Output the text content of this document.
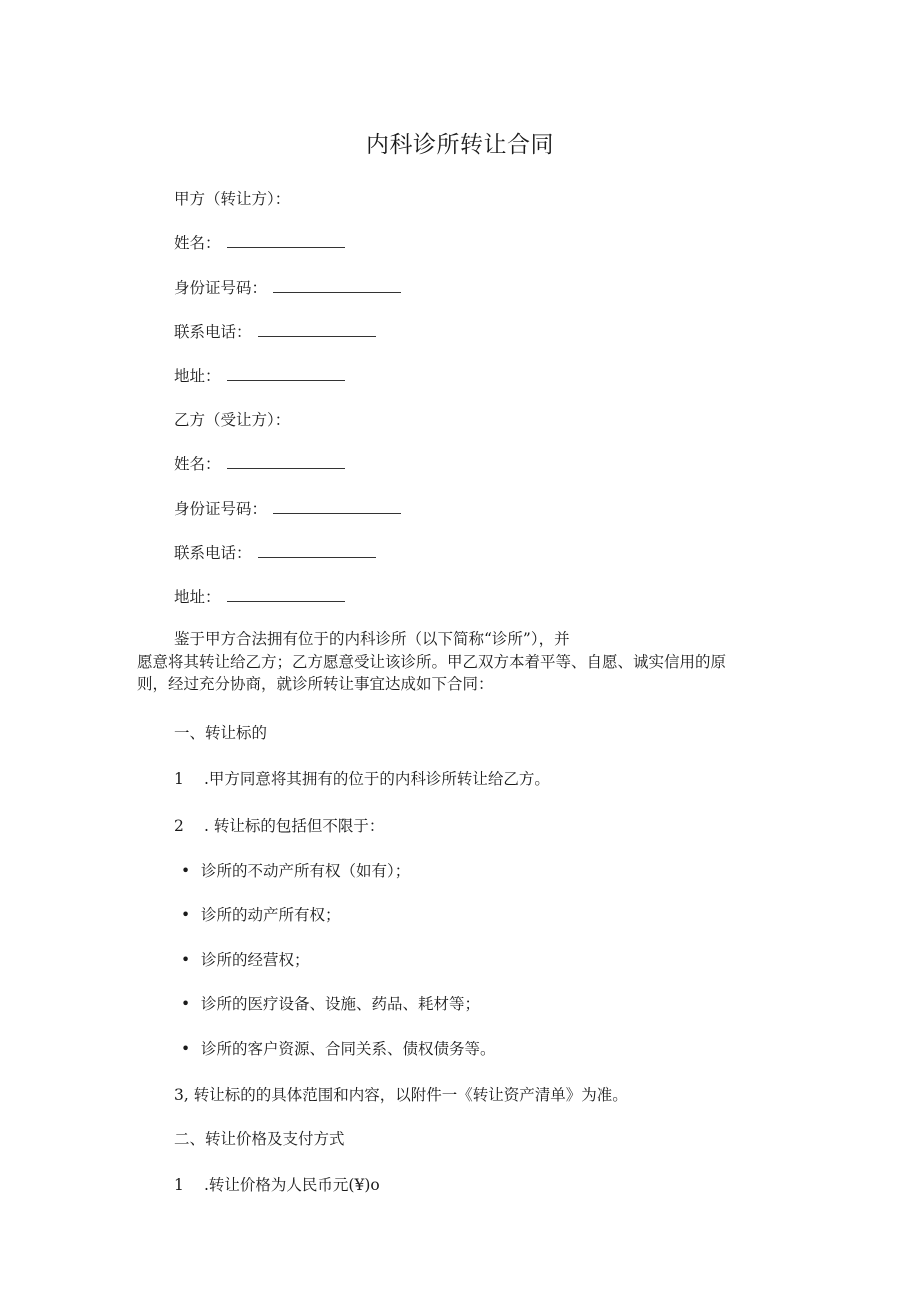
内科诊所转让合同
甲方（转让方）：
姓名：
身份证号码：
联系电话：
地址：
乙方（受让方）：
姓名：
身份证号码：
联系电话：
地址：
鉴于甲方合法拥有位于的内科诊所（以下简称“诊所”），并
愿意将其转让给乙方；乙方愿意受让该诊所。甲乙双方本着平等、自愿、诚实信用的原
则，经过充分协商，就诊所转让事宜达成如下合同：
一、转让标的
1 .甲方同意将其拥有的位于的内科诊所转让给乙方。
2 . 转让标的包括但不限于：
• 诊所的不动产所有权（如有）；
• 诊所的动产所有权；
• 诊所的经营权；
• 诊所的医疗设备、设施、药品、耗材等；
• 诊所的客户资源、合同关系、债权债务等。
3, 转让标的的具体范围和内容，以附件一《转让资产清单》为准。
二、转让价格及支付方式
1 .转让价格为人民币元(¥)o
